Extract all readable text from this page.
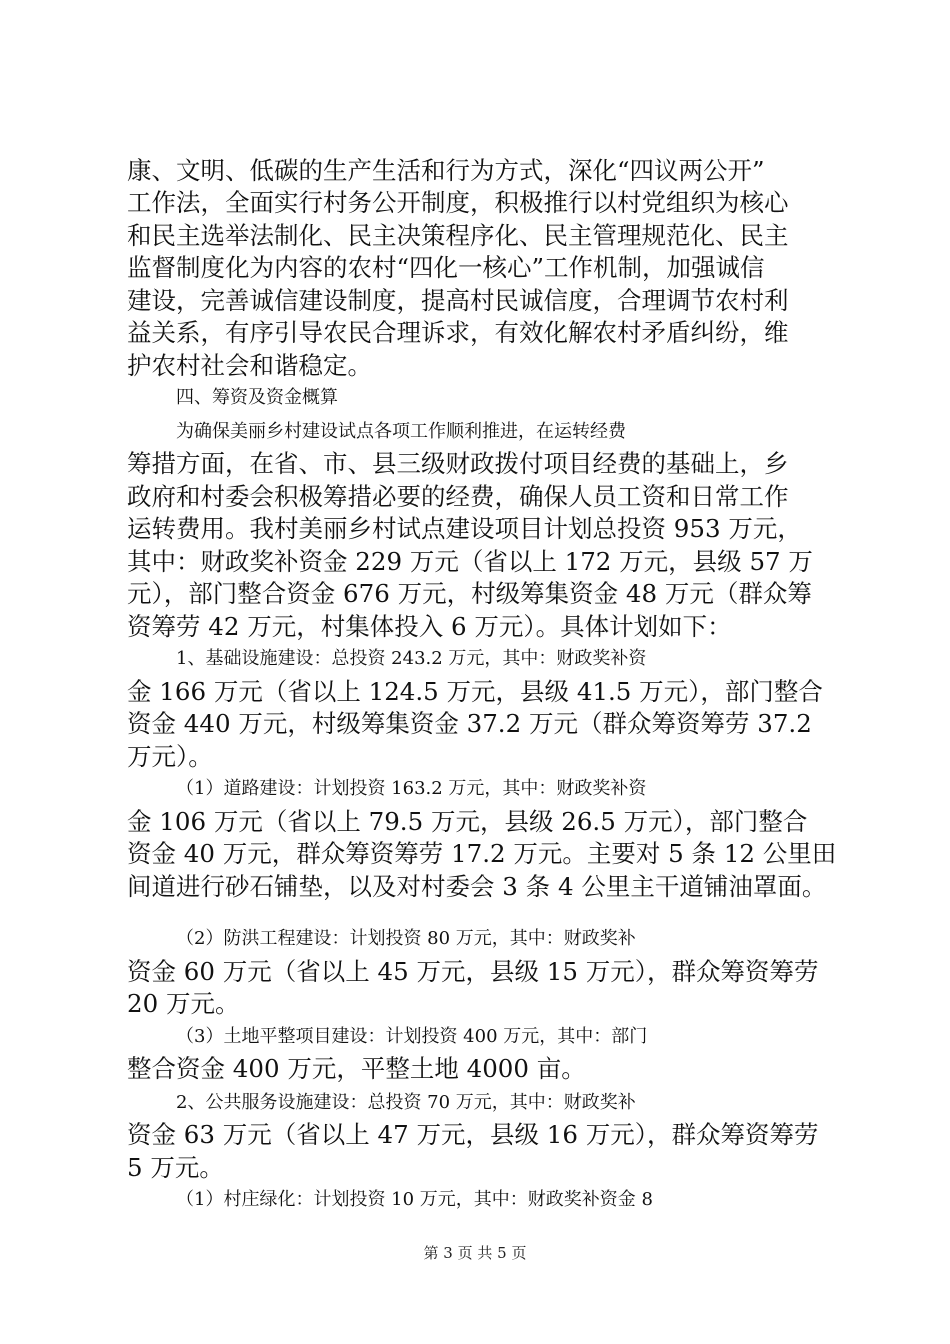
康、文明、低碳的生产生活和行为方式，深化“四议两公开”
工作法，全面实行村务公开制度，积极推行以村党组织为核心
和民主选举法制化、民主决策程序化、民主管理规范化、民主
监督制度化为内容的农村“四化一核心”工作机制，加强诚信
建设，完善诚信建设制度，提高村民诚信度，合理调节农村利
益关系，有序引导农民合理诉求，有效化解农村矛盾纠纷，维
护农村社会和谐稳定。
四、筹资及资金概算
为确保美丽乡村建设试点各项工作顺利推进，在运转经费
筹措方面，在省、市、县三级财政拨付项目经费的基础上，乡
政府和村委会积极筹措必要的经费，确保人员工资和日常工作
运转费用。我村美丽乡村试点建设项目计划总投资 953 万元，
其中：财政奖补资金 229 万元（省以上 172 万元，县级 57 万
元），部门整合资金 676 万元，村级筹集资金 48 万元（群众筹
资筹劳 42 万元，村集体投入 6 万元）。具体计划如下：
1、基础设施建设：总投资 243.2 万元，其中：财政奖补资
金 166 万元（省以上 124.5 万元，县级 41.5 万元），部门整合
资金 440 万元，村级筹集资金 37.2 万元（群众筹资筹劳 37.2
万元）。
（1）道路建设：计划投资 163.2 万元，其中：财政奖补资
金 106 万元（省以上 79.5 万元，县级 26.5 万元），部门整合
资金 40 万元，群众筹资筹劳 17.2 万元。主要对 5 条 12 公里田
间道进行砂石铺垫，以及对村委会 3 条 4 公里主干道铺油罩面。
（2）防洪工程建设：计划投资 80 万元，其中：财政奖补
资金 60 万元（省以上 45 万元，县级 15 万元），群众筹资筹劳
20 万元。
（3）土地平整项目建设：计划投资 400 万元，其中：部门
整合资金 400 万元，平整土地 4000 亩。
2、公共服务设施建设：总投资 70 万元，其中：财政奖补
资金 63 万元（省以上 47 万元，县级 16 万元），群众筹资筹劳
5 万元。
（1）村庄绿化：计划投资 10 万元，其中：财政奖补资金 8
第 3 页 共 5 页
